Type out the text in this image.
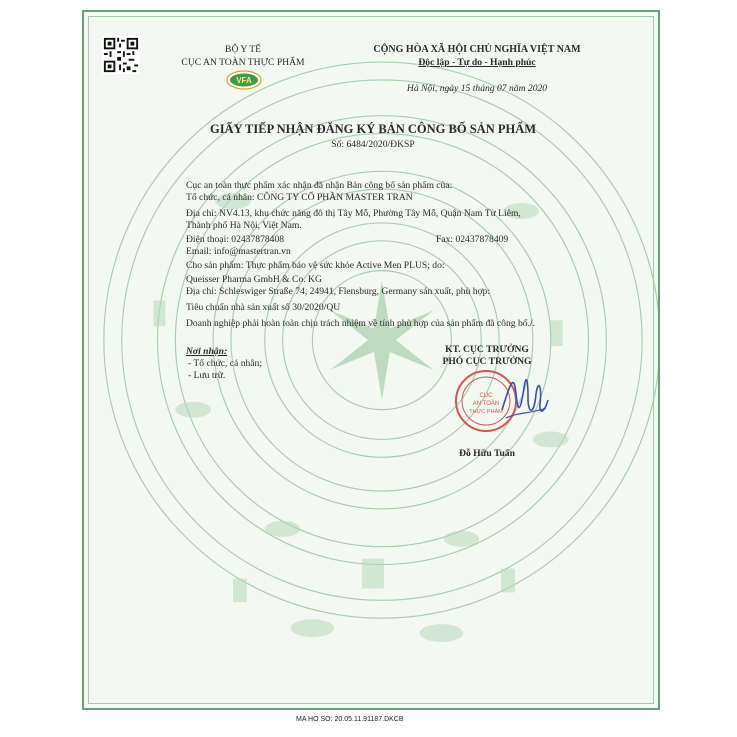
VFA
BỘ Y TẾ
CỤC AN TOÀN THỰC PHẨM
CỘNG HÒA XÃ HỘI CHỦ NGHĨA VIỆT NAM
Độc lập - Tự do - Hạnh phúc
Hà Nội, ngày 15 tháng 07 năm 2020
GIẤY TIẾP NHẬN ĐĂNG KÝ BẢN CÔNG BỐ SẢN PHẨM
Số: 6484/2020/ĐKSP
Cục an toàn thực phẩm xác nhận đã nhận Bản công bố sản phẩm của:
Tổ chức, cá nhân: CÔNG TY CỔ PHẦN MASTER TRAN
Địa chỉ: NV4.13, khu chức năng đô thị Tây Mỗ, Phường Tây Mỗ, Quận Nam Từ Liêm,
Thành phố Hà Nội, Việt Nam.
Điện thoại: 02437878408	Fax: 02437878409
Email: info@mastertran.vn
Cho sản phẩm: Thực phẩm bảo vệ sức khỏe Active Men PLUS; do:
Queisser Pharma GmbH & Co. KG
Địa chỉ: Schleswiger Straße 74, 24941, Flensburg, Germany sản xuất, phù hợp:
Tiêu chuẩn nhà sản xuất số 30/2020/QU
Doanh nghiệp phải hoàn toàn chịu trách nhiệm về tính phù hợp của sản phẩm đã công bố./.
Nơi nhận:
- Tổ chức, cá nhân;
- Lưu trữ.
KT. CỤC TRƯỞNG
PHÓ CỤC TRƯỞNG
CỤC
AN TOÀN
THỰC PHẨM
Đỗ Hữu Tuấn
MA HO SO: 20.05.11.91187.DKCB
